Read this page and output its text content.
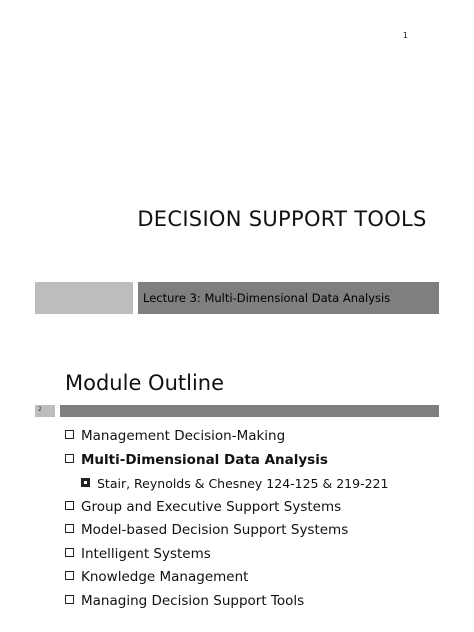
1
DECISION SUPPORT TOOLS
Lecture 3: Multi-Dimensional Data Analysis
Module Outline
2
Management Decision-Making
Multi-Dimensional Data Analysis
Stair, Reynolds & Chesney 124-125 & 219-221
Group and Executive Support Systems
Model-based Decision Support Systems
Intelligent Systems
Knowledge Management
Managing Decision Support Tools
